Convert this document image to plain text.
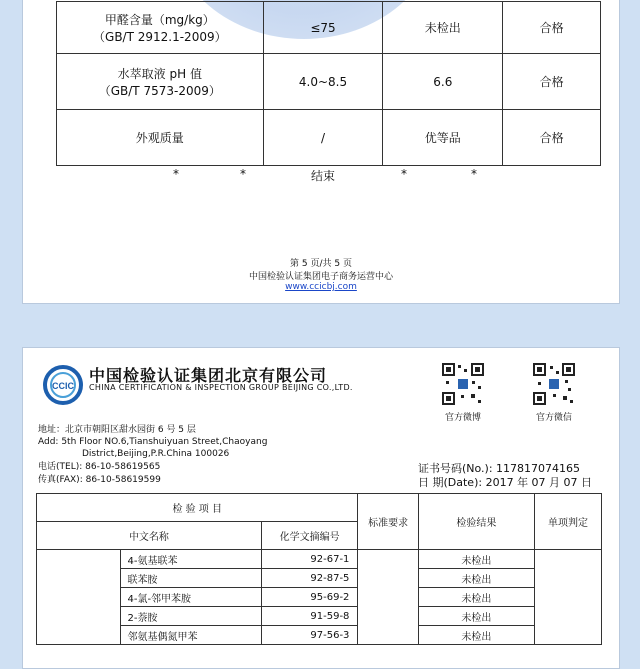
甲醛含量（mg/kg）
（GB/T 2912.1-2009）	≤75	未检出	合格

水萃取液 pH 值
（GB/T 7573-2009）	4.0~8.5	6.6	合格
外观质量	/	优等品	合格
*	*	结束	*	*
第 5 页/共 5 页
中国检验认证集团电子商务运营中心
www.ccicbj.com
CCIC
中国检验认证集团北京有限公司
CHINA CERTIFICATION & INSPECTION GROUP BEIJING CO.,LTD.
官方微博	官方微信
地址：北京市朝阳区甜水园街 6 号 5 层
Add: 5th Floor NO.6,Tianshuiyuan Street,Chaoyang
District,Beijing,P.R.China 100026
电话(TEL): 86-10-58619565
传真(FAX): 86-10-58619599
证书号码(No.): 117817074165
日 期(Date): 2017 年 07 月 07 日
检 验 项 目			标准要求	检验结果	单项判定
中文名称		化学文摘编号			
	4-氨基联苯	92-67-1		未检出	
	联苯胺	92-87-5		未检出	
	4-氯-邻甲苯胺	95-69-2		未检出	
	2-萘胺	91-59-8		未检出	
	邻氨基偶氮甲苯	97-56-3		未检出	
